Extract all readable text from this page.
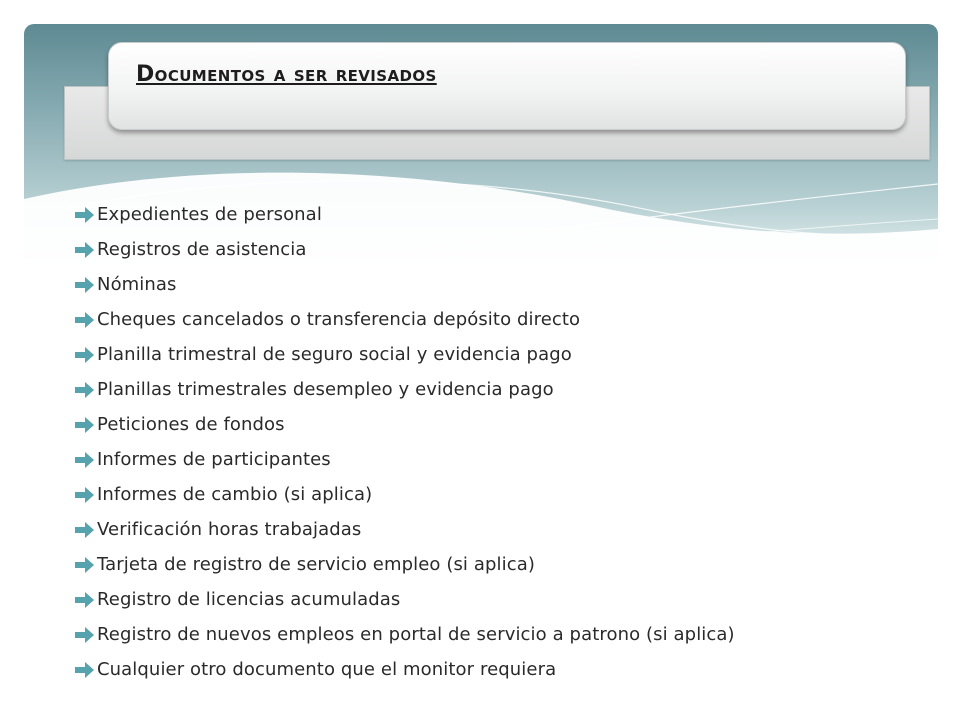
Documentos a ser revisados
Expedientes de personal
Registros de asistencia
Nóminas
Cheques cancelados o transferencia depósito directo
Planilla trimestral de seguro social y evidencia pago
Planillas trimestrales desempleo y evidencia pago
Peticiones de fondos
Informes de participantes
Informes de cambio (si aplica)
Verificación horas trabajadas
Tarjeta de registro de servicio empleo (si aplica)
Registro de licencias acumuladas
Registro de nuevos empleos en portal de servicio a patrono (si aplica)
Cualquier otro documento que el monitor requiera
